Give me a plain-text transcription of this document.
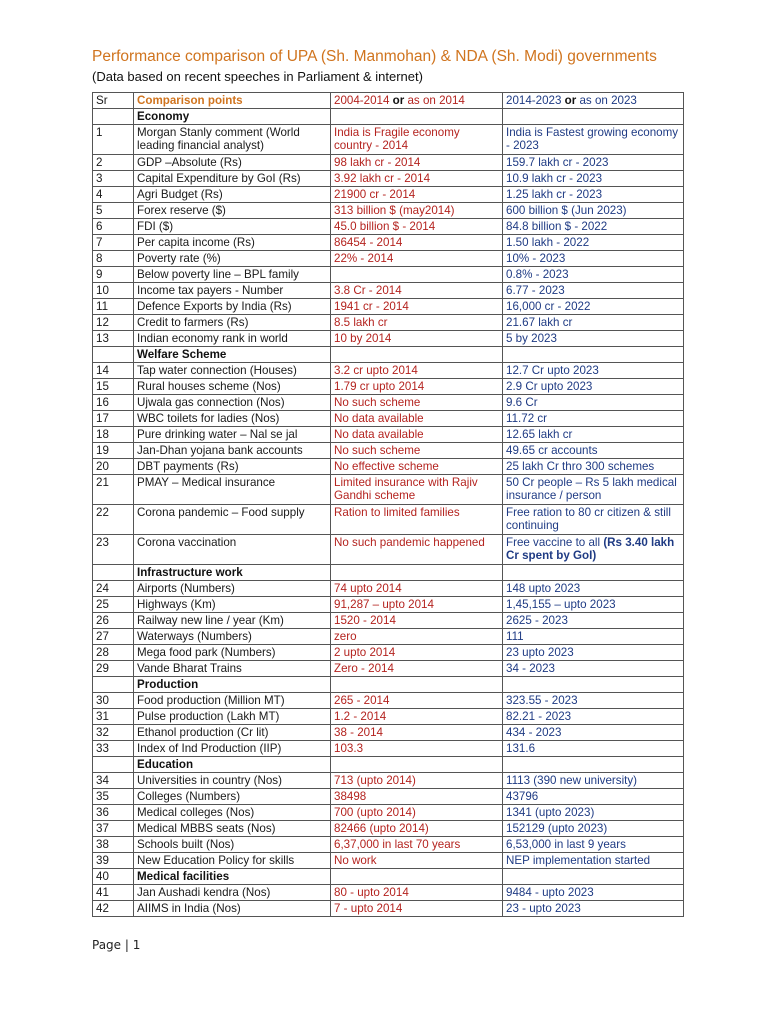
Performance comparison of UPA (Sh. Manmohan) & NDA (Sh. Modi) governments
(Data based on recent speeches in Parliament & internet)
Sr	Comparison points	2004-2014 or as on 2014	2014-2023 or as on 2023
	Economy		
1	Morgan Stanly comment (World leading financial analyst)	India is Fragile economy country - 2014	India is Fastest growing economy - 2023
2	GDP –Absolute (Rs)	98 lakh cr - 2014	159.7 lakh cr - 2023
3	Capital Expenditure by GoI (Rs)	3.92 lakh cr - 2014	10.9 lakh cr - 2023
4	Agri Budget (Rs)	21900 cr - 2014	1.25 lakh cr - 2023
5	Forex reserve ($)	313 billion $ (may2014)	600 billion $ (Jun 2023)
6	FDI ($)	45.0 billion $ - 2014	84.8 billion $ - 2022
7	Per capita income (Rs)	86454 - 2014	1.50 lakh - 2022
8	Poverty rate (%)	22% - 2014	10% - 2023
9	Below poverty line – BPL family		0.8% - 2023
10	Income tax payers - Number	3.8 Cr - 2014	6.77 - 2023
11	Defence Exports by India (Rs)	1941 cr - 2014	16,000 cr - 2022
12	Credit to farmers (Rs)	8.5 lakh cr	21.67 lakh cr
13	Indian economy rank in world	10 by 2014	5 by 2023
	Welfare Scheme		
14	Tap water connection (Houses)	3.2 cr upto 2014	12.7 Cr upto 2023
15	Rural houses scheme (Nos)	1.79 cr upto 2014	2.9 Cr upto 2023
16	Ujwala gas connection (Nos)	No such scheme	9.6 Cr
17	WBC toilets for ladies (Nos)	No data available	11.72 cr
18	Pure drinking water – Nal se jal	No data available	12.65 lakh cr
19	Jan-Dhan yojana bank accounts	No such scheme	49.65 cr accounts
20	DBT payments (Rs)	No effective scheme	25 lakh Cr thro 300 schemes
21	PMAY – Medical insurance	Limited insurance with Rajiv Gandhi scheme	50 Cr people – Rs 5 lakh medical insurance / person
22	Corona pandemic – Food supply	Ration to limited families	Free ration to 80 cr citizen & still continuing
23	Corona vaccination	No such pandemic happened	Free vaccine to all (Rs 3.40 lakh Cr spent by GoI)
	Infrastructure work		
24	Airports (Numbers)	74 upto 2014	148 upto 2023
25	Highways (Km)	91,287 – upto 2014	1,45,155 – upto 2023
26	Railway new line / year (Km)	1520 - 2014	2625 - 2023
27	Waterways (Numbers)	zero	111
28	Mega food park (Numbers)	2 upto 2014	23 upto 2023
29	Vande Bharat Trains	Zero - 2014	34 - 2023
	Production		
30	Food production (Million MT)	265 - 2014	323.55 - 2023
31	Pulse production (Lakh MT)	1.2 - 2014	82.21 - 2023
32	Ethanol production (Cr lit)	38 - 2014	434 - 2023
33	Index of Ind Production (IIP)	103.3	131.6
	Education		
34	Universities in country (Nos)	713 (upto 2014)	1113 (390 new university)
35	Colleges (Numbers)	38498	43796
36	Medical colleges (Nos)	700 (upto 2014)	1341 (upto 2023)
37	Medical MBBS seats (Nos)	82466 (upto 2014)	152129 (upto 2023)
38	Schools built (Nos)	6,37,000 in last 70 years	6,53,000 in last 9 years
39	New Education Policy for skills	No work	NEP implementation started
40	Medical facilities		
41	Jan Aushadi kendra (Nos)	80 - upto 2014	9484 - upto 2023
42	AIIMS in India (Nos)	7 - upto 2014	23 - upto 2023
Page | 1
